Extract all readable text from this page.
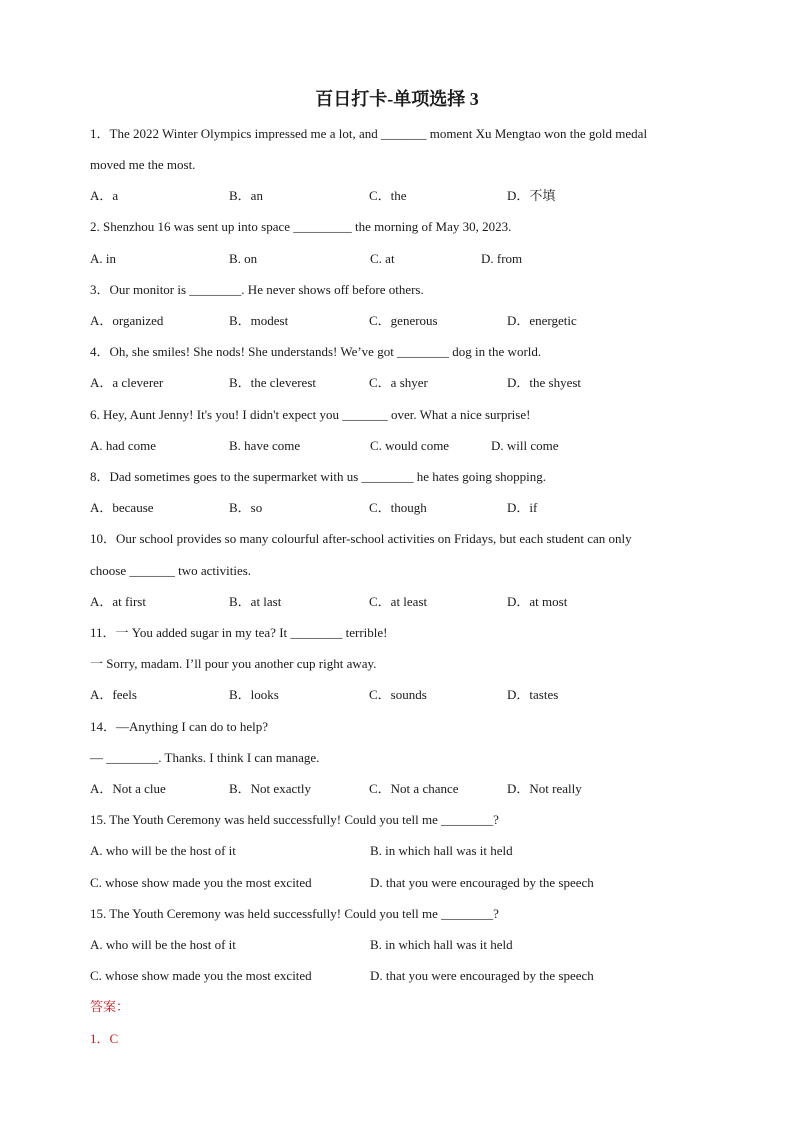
百日打卡-单项选择 3
1．The 2022 Winter Olympics impressed me a lot, and _______ moment Xu Mengtao won the gold medal
moved me the most.
A．a	B．an	C．the	D．不填
2. Shenzhou 16 was sent up into space _________ the morning of May 30, 2023.
A. in	B. on	C. at	D. from
3．Our monitor is ________. He never shows off before others.
A．organized	B．modest	C．generous	D．energetic
4．Oh, she smiles! She nods! She understands! We’ve got ________ dog in the world.
A．a cleverer	B．the cleverest	C．a shyer	D．the shyest
6. Hey, Aunt Jenny! It's you! I didn't expect you _______ over. What a nice surprise!
A. had come	B. have come	C. would come	D. will come
8．Dad sometimes goes to the supermarket with us ________ he hates going shopping.
A．because	B．so	C．though	D．if
10．Our school provides so many colourful after-school activities on Fridays, but each student can only
choose _______ two activities.
A．at first	B．at last	C．at least	D．at most
11．一 You added sugar in my tea? It ________ terrible!
一 Sorry, madam. I’ll pour you another cup right away.
A．feels	B．looks	C．sounds	D．tastes
14．—Anything I can do to help?
— ________. Thanks. I think I can manage.
A．Not a clue	B．Not exactly	C．Not a chance	D．Not really
15. The Youth Ceremony was held successfully! Could you tell me ________?
A. who will be the host of it	B. in which hall was it held
C. whose show made you the most excited	D. that you were encouraged by the speech
15. The Youth Ceremony was held successfully! Could you tell me ________?
A. who will be the host of it	B. in which hall was it held
C. whose show made you the most excited	D. that you were encouraged by the speech
答案：
1．C
